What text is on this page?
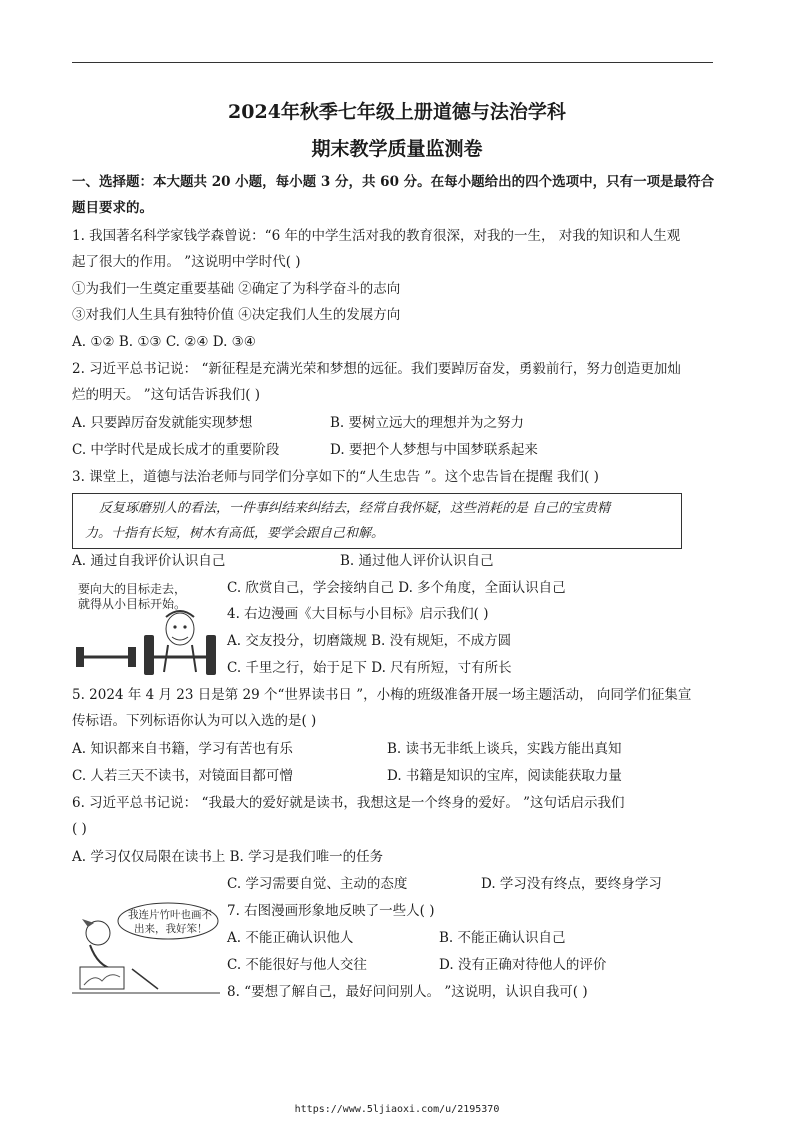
2024年秋季七年级上册道德与法治学科
期末教学质量监测卷
一、选择题：本大题共 20 小题，每小题 3 分，共 60 分。在每小题给出的四个选项中，只有一项是最符合
题目要求的。
1. 我国著名科学家钱学森曾说：“6 年的中学生活对我的教育很深，对我的一生， 对我的知识和人生观
起了很大的作用。 ”这说明中学时代( )
①为我们一生奠定重要基础 ②确定了为科学奋斗的志向
③对我们人生具有独特价值 ④决定我们人生的发展方向
A. ①② B. ①③ C. ②④ D. ③④
2. 习近平总书记说： “新征程是充满光荣和梦想的远征。我们要踔厉奋发，勇毅前行，努力创造更加灿
烂的明天。 ”这句话告诉我们( )
A. 只要踔厉奋发就能实现梦想	B. 要树立远大的理想并为之努力
C. 中学时代是成长成才的重要阶段	D. 要把个人梦想与中国梦联系起来
3. 课堂上，道德与法治老师与同学们分享如下的“人生忠告 ”。这个忠告旨在提醒 我们( )
反复琢磨别人的看法，一件事纠结来纠结去，经常自我怀疑，这些消耗的是 自己的宝贵精
力。十指有长短，树木有高低，要学会跟自己和解。
A. 通过自我评价认识自己	B. 通过他人评价认识自己
要向大的目标走去，
就得从小目标开始。
C. 欣赏自己，学会接纳自己 D. 多个角度，全面认识自己
4. 右边漫画《大目标与小目标》启示我们( )
A. 交友投分，切磨箴规 B. 没有规矩，不成方圆
C. 千里之行，始于足下 D. 尺有所短，寸有所长
5. 2024 年 4 月 23 日是第 29 个“世界读书日 ”，小梅的班级准备开展一场主题活动， 向同学们征集宣
传标语。下列标语你认为可以入选的是( )
A. 知识都来自书籍，学习有苦也有乐	B. 读书无非纸上谈兵，实践方能出真知
C. 人若三天不读书，对镜面目都可憎	D. 书籍是知识的宝库，阅读能获取力量
6. 习近平总书记说： “我最大的爱好就是读书，我想这是一个终身的爱好。 ”这句话启示我们
( )
A. 学习仅仅局限在读书上 B. 学习是我们唯一的任务
C. 学习需要自觉、主动的态度	D. 学习没有终点，要终身学习
我连片竹叶也画不
出来，我好笨！
7. 右图漫画形象地反映了一些人( )
A. 不能正确认识他人	B. 不能正确认识自己
C. 不能很好与他人交往	D. 没有正确对待他人的评价
8. “要想了解自己，最好问问别人。 ”这说明，认识自我可( )
https://www.5ljiaoxi.com/u/2195370
